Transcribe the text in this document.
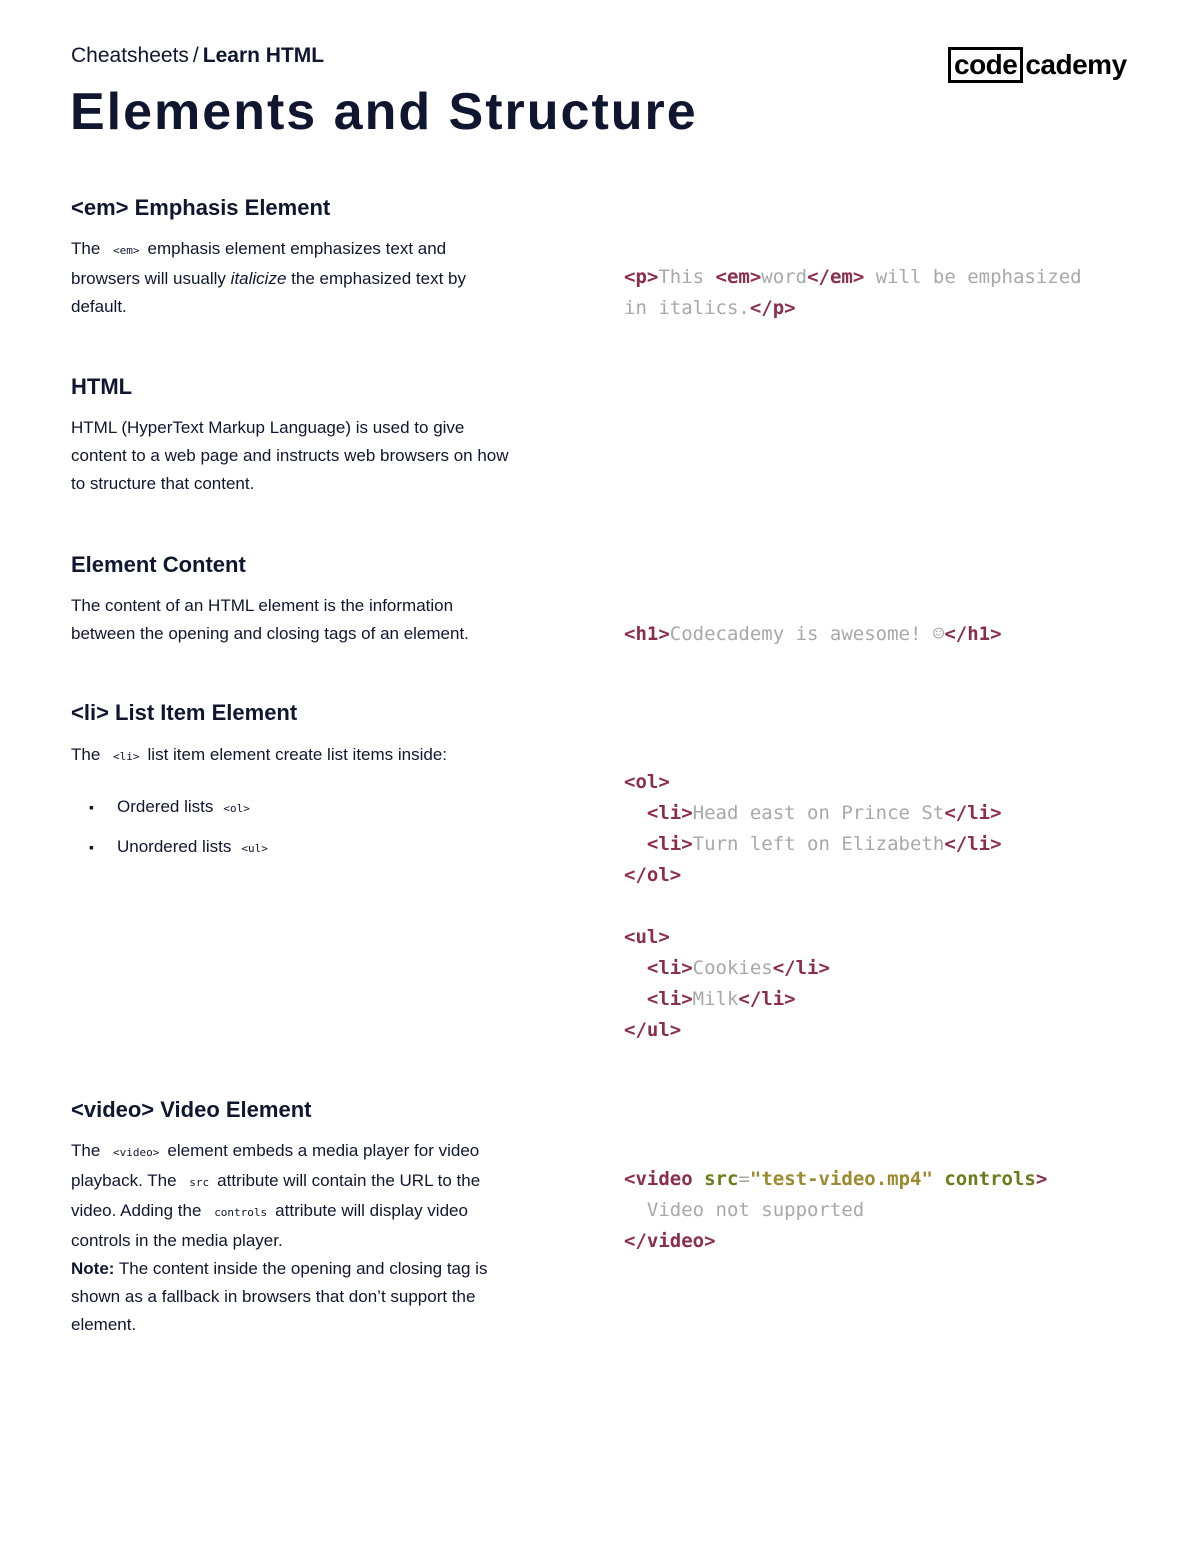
Cheatsheets / Learn HTML	code cademy
Elements and Structure
<em> Emphasis Element

The <em> emphasis element emphasizes text and browsers will usually italicize the emphasized text by default.

<p>This <em>word</em> will be emphasized
in italics.</p>
HTML

HTML (HyperText Markup Language) is used to give content to a web page and instructs web browsers on how to structure that content.

Element Content

The content of an HTML element is the information between the opening and closing tags of an element.	<h1>Codecademy is awesome! ☺</h1>
<li> List Item Element

The <li> list item element create list items inside:

▪ Ordered lists <ol>
▪ Unordered lists <ul>
<ol>
<li>Head east on Prince St</li>
<li>Turn left on Elizabeth</li>
</ol>

<ul>
<li>Cookies</li>
<li>Milk</li>
</ul>
<video> Video Element

The <video> element embeds a media player for video playback. The src attribute will contain the URL to the video. Adding the controls attribute will display video controls in the media player.
Note: The content inside the opening and closing tag is shown as a fallback in browsers that don’t support the element.

<video src="test-video.mp4" controls>
Video not supported
</video>
